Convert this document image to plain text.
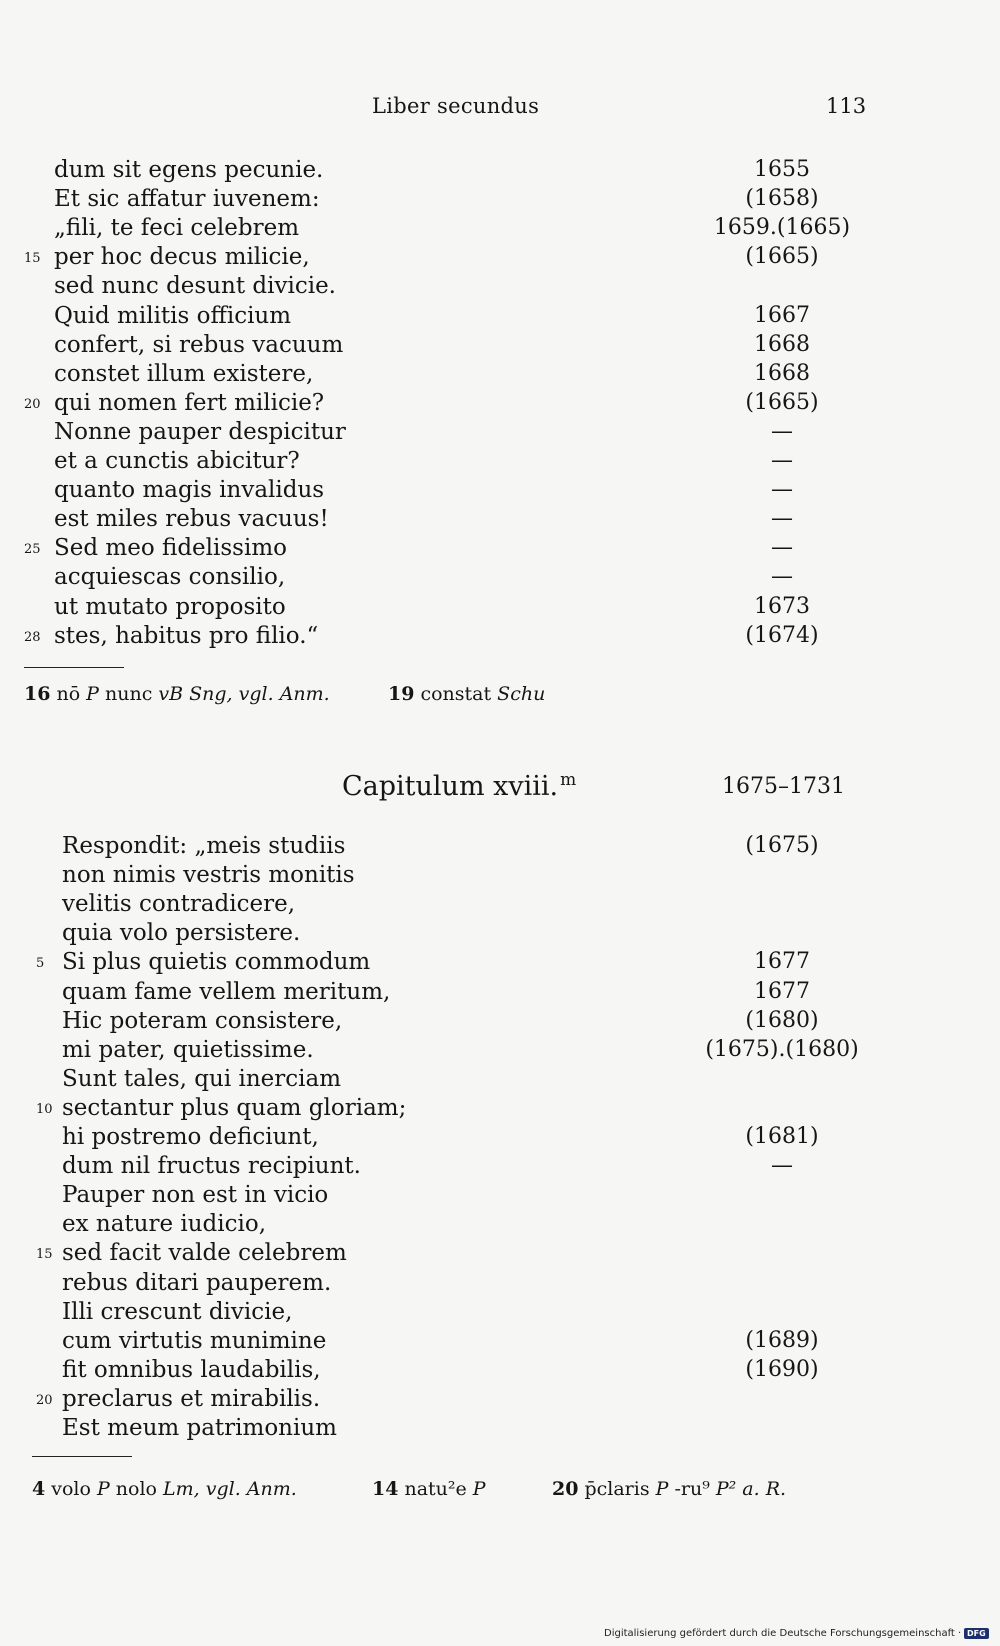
Liber secundus	113
dum sit egens pecunie.	1655
Et sic affatur iuvenem:	(1658)
„fili, te feci celebrem	1659.(1665)
15 per hoc decus milicie,	(1665)
sed nunc desunt divicie.
Quid militis officium	1667
confert, si rebus vacuum	1668
constet illum existere,	1668
20 qui nomen fert milicie?	(1665)
Nonne pauper despicitur	—
et a cunctis abicitur?	—
quanto magis invalidus	—
est miles rebus vacuus!	—
25 Sed meo fidelissimo	—
acquiescas consilio,	—
ut mutato proposito	1673
28 stes, habitus pro filio.“	(1674)
16 nō P nunc vB Sng, vgl. Anm.	19 constat Schu
Capitulum xviii. $^m$	1675–1731
Respondit: „meis studiis	(1675)
non nimis vestris monitis
velitis contradicere,
quia volo persistere.
5 Si plus quietis commodum	1677
quam fame vellem meritum,	1677
Hic poteram consistere,	(1680)
mi pater, quietissime.	(1675).(1680)
Sunt tales, qui inerciam
10 sectantur plus quam gloriam;
hi postremo deficiunt,	(1681)
dum nil fructus recipiunt.	—
Pauper non est in vicio
ex nature iudicio,
15 sed facit valde celebrem
rebus ditari pauperem.
Illi crescunt divicie,
cum virtutis munimine	(1689)
fit omnibus laudabilis,	(1690)
20 preclarus et mirabilis.
Est meum patrimonium
4 volo P nolo Lm, vgl. Anm.	14 natu²e P	20 p̄claris P -ru⁹ P² a. R.
Digitalisierung gefördert durch die Deutsche Forschungsgemeinschaft · DFG
